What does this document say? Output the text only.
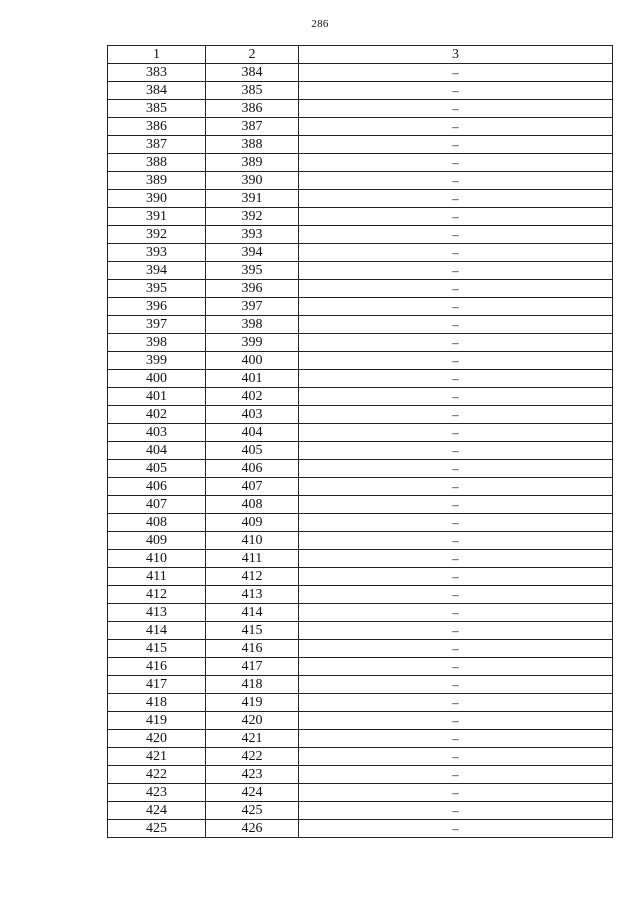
286
1	2	3
383	384	–
384	385	–
385	386	–
386	387	–
387	388	–
388	389	–
389	390	–
390	391	–
391	392	–
392	393	–
393	394	–
394	395	–
395	396	–
396	397	–
397	398	–
398	399	–
399	400	–
400	401	–
401	402	–
402	403	–
403	404	–
404	405	–
405	406	–
406	407	–
407	408	–
408	409	–
409	410	–
410	411	–
411	412	–
412	413	–
413	414	–
414	415	–
415	416	–
416	417	–
417	418	–
418	419	–
419	420	–
420	421	–
421	422	–
422	423	–
423	424	–
424	425	–
425	426	–
